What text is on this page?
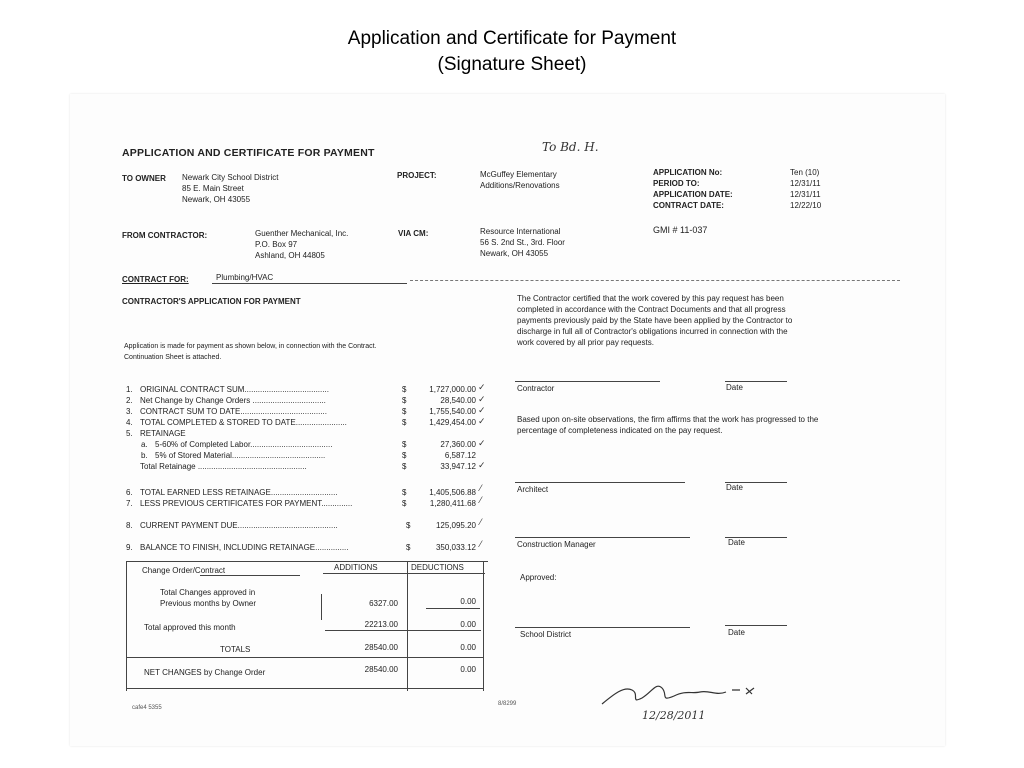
Application and Certificate for Payment
(Signature Sheet)
APPLICATION AND CERTIFICATE FOR PAYMENT	To Bd. H.
TO OWNER Newark City School District
85 E. Main Street
Newark, OH 43055
PROJECT:	McGuffey Elementary
Additions/Renovations
APPLICATION No:	Ten (10)
PERIOD TO:	12/31/11
APPLICATION DATE:	12/31/11
CONTRACT DATE:	12/22/10
FROM CONTRACTOR:	Guenther Mechanical, Inc.
P.O. Box 97
Ashland, OH 44805
VIA CM:	Resource International
56 S. 2nd St., 3rd. Floor
Newark, OH 43055
GMI # 11-037
CONTRACT FOR:	Plumbing/HVAC
CONTRACTOR'S APPLICATION FOR PAYMENT	The Contractor certified that the work covered by this pay request has been
completed in accordance with the Contract Documents and that all progress
payments previously paid by the State have been applied by the Contractor to
discharge in full all of Contractor's obligations incurred in connection with the
work covered by all prior pay requests.
Application is made for payment as shown below, in connection with the Contract.
Continuation Sheet is attached.
1. ORIGINAL CONTRACT SUM......................................	$	1,727,000.00 ✓
2. Net Change by Change Orders .................................	$	28,540.00 ✓
3. CONTRACT SUM TO DATE.......................................	$	1,755,540.00 ✓
4. TOTAL COMPLETED & STORED TO DATE.......................	$	1,429,454.00 ✓
5. RETAINAGE
a. 5-60% of Completed Labor.....................................	$	27,360.00 ✓
b. 5% of Stored Material..........................................	$	6,587.12
Total Retainage .................................................	$	33,947.12 ✓
6. TOTAL EARNED LESS RETAINAGE..............................	$	1,405,506.88 ⁄
7. LESS PREVIOUS CERTIFICATES FOR PAYMENT..............	$	1,280,411.68 ⁄
8. CURRENT PAYMENT DUE.............................................	$	125,095.20 ⁄
9. BALANCE TO FINISH, INCLUDING RETAINAGE...............	$	350,033.12 ⁄
Contractor	Date
Based upon on-site observations, the firm affirms that the work has progressed to the
percentage of completeness indicated on the pay request.
Architect	Date
Construction Manager	Date
Approved:
School District	Date
Change Order/Contract	ADDITIONS	DEDUCTIONS
Total Changes approved in
Previous months by Owner	6327.00	0.00
Total approved this month	22213.00	0.00
TOTALS	28540.00	0.00
NET CHANGES by Change Order	28540.00	0.00
cafe4 5355
8/8299
12/28/2011
